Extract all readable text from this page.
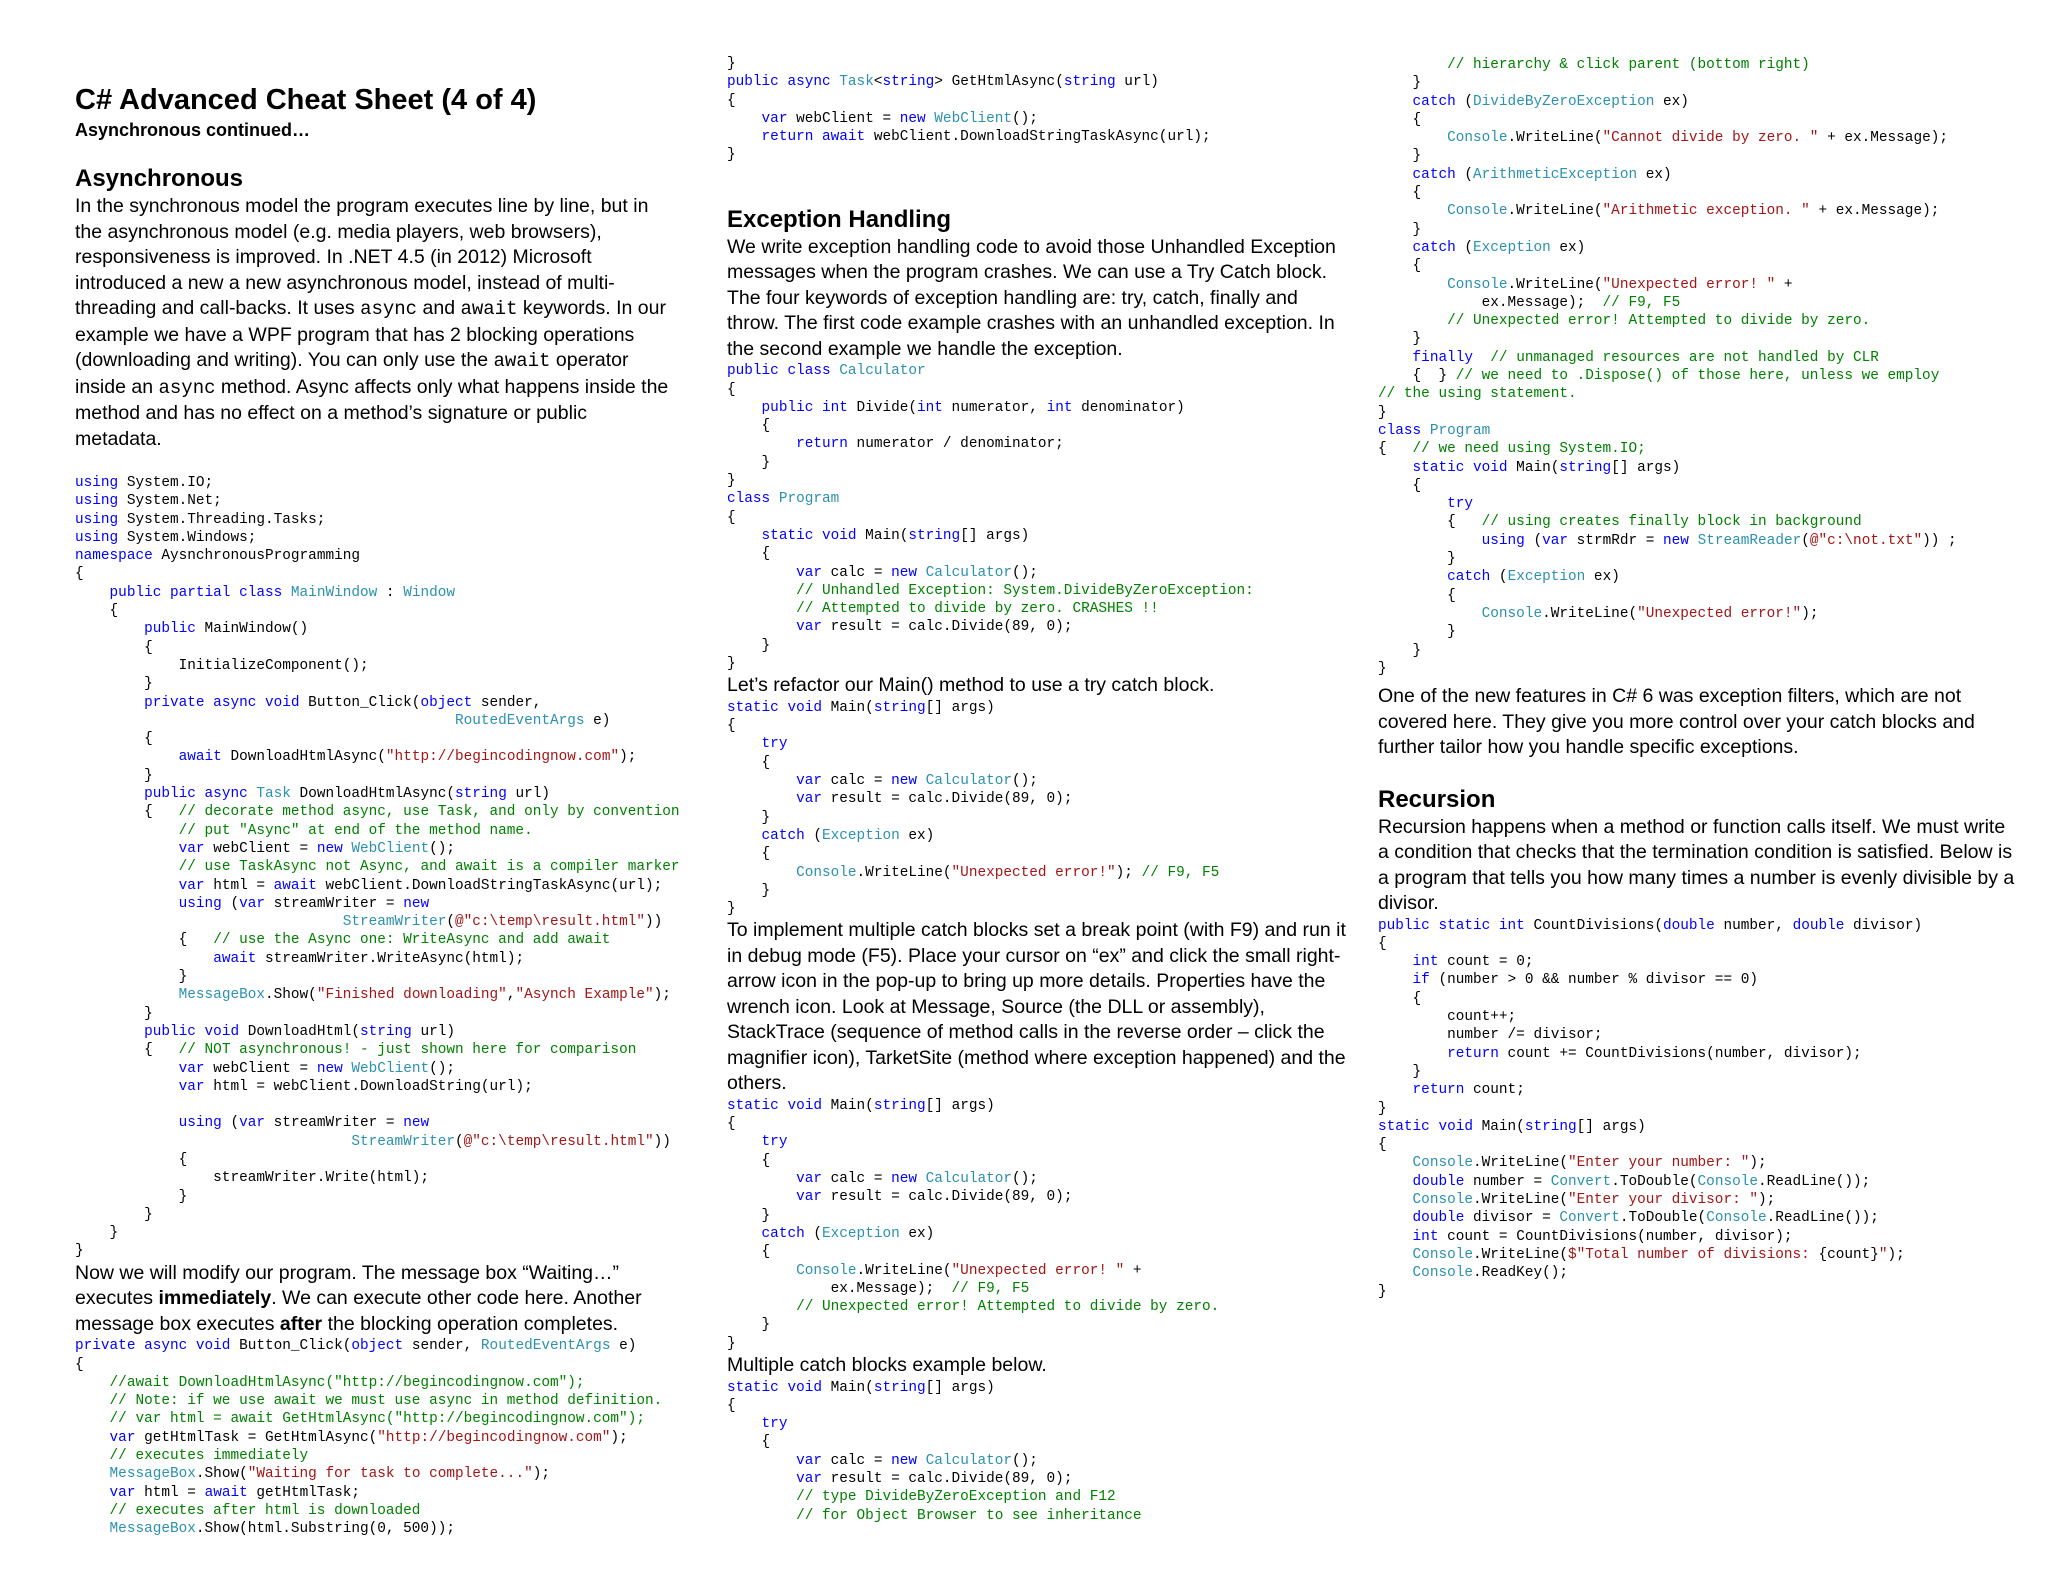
C# Advanced Cheat Sheet (4 of 4)
Asynchronous continued…
Asynchronous
In the synchronous model the program executes line by line, but in the asynchronous model (e.g. media players, web browsers), responsiveness is improved. In .NET 4.5 (in 2012) Microsoft introduced a new a new asynchronous model, instead of multi-threading and call-backs. It uses async and await keywords. In our example we have a WPF program that has 2 blocking operations (downloading and writing). You can only use the await operator inside an async method. Async affects only what happens inside the method and has no effect on a method’s signature or public metadata.
using System.IO;
using System.Net;
using System.Threading.Tasks;
using System.Windows;
namespace AysnchronousProgramming
{
public partial class MainWindow : Window
{
public MainWindow()
{
InitializeComponent();
}
private async void Button_Click(object sender,
RoutedEventArgs e)
{
await DownloadHtmlAsync("http://begincodingnow.com");
}
public async Task DownloadHtmlAsync(string url)
{   // decorate method async, use Task, and only by convention
// put "Async" at end of the method name.
var webClient = new WebClient();
// use TaskAsync not Async, and await is a compiler marker
var html = await webClient.DownloadStringTaskAsync(url);
using (var streamWriter = new
StreamWriter(@"c:\temp\result.html"))
{   // use the Async one: WriteAsync and add await
await streamWriter.WriteAsync(html);
}
MessageBox.Show("Finished downloading","Asynch Example");
}
public void DownloadHtml(string url)
{   // NOT asynchronous! - just shown here for comparison
var webClient = new WebClient();
var html = webClient.DownloadString(url);

using (var streamWriter = new
StreamWriter(@"c:\temp\result.html"))
{
streamWriter.Write(html);
}
}
}
}
Now we will modify our program. The message box “Waiting…” executes immediately. We can execute other code here. Another message box executes after the blocking operation completes.
private async void Button_Click(object sender, RoutedEventArgs e)
{
//await DownloadHtmlAsync("http://begincodingnow.com");
// Note: if we use await we must use async in method definition.
// var html = await GetHtmlAsync("http://begincodingnow.com");
var getHtmlTask = GetHtmlAsync("http://begincodingnow.com");
// executes immediately
MessageBox.Show("Waiting for task to complete...");
var html = await getHtmlTask;
// executes after html is downloaded
MessageBox.Show(html.Substring(0, 500));
}
public async Task<string> GetHtmlAsync(string url)
{
var webClient = new WebClient();
return await webClient.DownloadStringTaskAsync(url);
}
Exception Handling
We write exception handling code to avoid those Unhandled Exception messages when the program crashes. We can use a Try Catch block. The four keywords of exception handling are: try, catch, finally and throw. The first code example crashes with an unhandled exception. In the second example we handle the exception.
public class Calculator
{
public int Divide(int numerator, int denominator)
{
return numerator / denominator;
}
}
class Program
{
static void Main(string[] args)
{
var calc = new Calculator();
// Unhandled Exception: System.DivideByZeroException:
// Attempted to divide by zero. CRASHES !!
var result = calc.Divide(89, 0);
}
}
Let’s refactor our Main() method to use a try catch block.
static void Main(string[] args)
{
try
{
var calc = new Calculator();
var result = calc.Divide(89, 0);
}
catch (Exception ex)
{
Console.WriteLine("Unexpected error!"); // F9, F5
}
}
To implement multiple catch blocks set a break point (with F9) and run it in debug mode (F5). Place your cursor on “ex” and click the small right-arrow icon in the pop-up to bring up more details. Properties have the wrench icon. Look at Message, Source (the DLL or assembly), StackTrace (sequence of method calls in the reverse order – click the magnifier icon), TarketSite (method where exception happened) and the others.
static void Main(string[] args)
{
try
{
var calc = new Calculator();
var result = calc.Divide(89, 0);
}
catch (Exception ex)
{
Console.WriteLine("Unexpected error! " +
ex.Message);  // F9, F5
// Unexpected error! Attempted to divide by zero.
}
}
Multiple catch blocks example below.
static void Main(string[] args)
{
try
{
var calc = new Calculator();
var result = calc.Divide(89, 0);
// type DivideByZeroException and F12
// for Object Browser to see inheritance
// hierarchy & click parent (bottom right)
}
catch (DivideByZeroException ex)
{
Console.WriteLine("Cannot divide by zero. " + ex.Message);
}
catch (ArithmeticException ex)
{
Console.WriteLine("Arithmetic exception. " + ex.Message);
}
catch (Exception ex)
{
Console.WriteLine("Unexpected error! " +
ex.Message);  // F9, F5
// Unexpected error! Attempted to divide by zero.
}
finally // unmanaged resources are not handled by CLR
{  } // we need to .Dispose() of those here, unless we employ
// the using statement.
}
class Program
{   // we need using System.IO;
static void Main(string[] args)
{
try
{   // using creates finally block in background
using (var strmRdr = new StreamReader(@"c:\not.txt")) ;
}
catch (Exception ex)
{
Console.WriteLine("Unexpected error!");
}
}
}
One of the new features in C# 6 was exception filters, which are not covered here. They give you more control over your catch blocks and further tailor how you handle specific exceptions.
Recursion
Recursion happens when a method or function calls itself. We must write a condition that checks that the termination condition is satisfied. Below is a program that tells you how many times a number is evenly divisible by a divisor.
public static int CountDivisions(double number, double divisor)
{
int count = 0;
if (number > 0 && number % divisor == 0)
{
count++;
number /= divisor;
return count += CountDivisions(number, divisor);
}
return count;
}
static void Main(string[] args)
{
Console.WriteLine("Enter your number: ");
double number = Convert.ToDouble(Console.ReadLine());
Console.WriteLine("Enter your divisor: ");
double divisor = Convert.ToDouble(Console.ReadLine());
int count = CountDivisions(number, divisor);
Console.WriteLine($"Total number of divisions: {count}");
Console.ReadKey();
}
